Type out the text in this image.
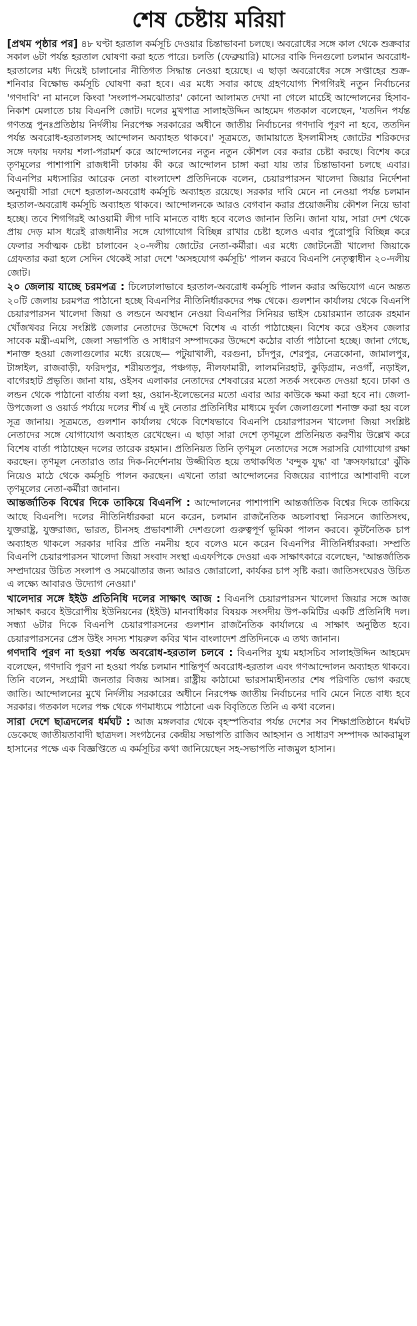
শেষ চেষ্টায় মরিয়া

[প্রথম পৃষ্ঠার পর] ৪৮ ঘণ্টা হরতাল কর্মসূচি দেওয়ার চিন্তাভাবনা চলছে। অবরোধের সঙ্গে কাল থেকে শুক্রবার সকাল ৬টা পর্যন্ত হরতাল ঘোষণা করা হতে পারে। চলতি (ফেব্রুয়ারি) মাসের বাকি দিনগুলো চলমান অবরোধ-হরতালের মধ্য দিয়েই চালানোর নীতিগত সিদ্ধান্ত নেওয়া হয়েছে। এ ছাড়া অবরোধের সঙ্গে সপ্তাহের শুক্র-শনিবার বিক্ষোভ কর্মসূচি ঘোষণা করা হবে। এর মধ্যে সবার কাছে গ্রহণযোগ্য শিগগিরই নতুন নির্বাচনের 'গণদাবি' না মানলে কিংবা 'সংলাপ-সমঝোতার' কোনো আলামত দেখা না গেলে মার্চেই আন্দোলনের হিসাব-নিকাশ মেলাতে চায় বিএনপি জোট। দলের মুখপাত্র সালাহউদ্দিন আহমেদ গতকাল বলেছেন, 'যতদিন পর্যন্ত গণতন্ত্র পুনঃপ্রতিষ্ঠায় নির্দলীয় নিরপেক্ষ সরকারের অধীনে জাতীয় নির্বাচনের গণদাবি পূরণ না হবে, ততদিন পর্যন্ত অবরোধ-হরতালসহ আন্দোলন অব্যাহত থাকবে।' সূত্রমতে, জামায়াতে ইসলামীসহ জোটের শরিকদের সঙ্গে দফায় দফায় শলা-পরামর্শ করে আন্দোলনের নতুন নতুন কৌশল বের করার চেষ্টা করছে। বিশেষ করে তৃণমূলের পাশাপাশি রাজধানী ঢাকায় কী করে আন্দোলন চাঙ্গা করা যায় তার চিন্তাভাবনা চলছে এবার। বিএনপির মধ্যসারির আরেক নেতা বাংলাদেশ প্রতিদিনকে বলেন, চেয়ারপারসন খালেদা জিয়ার নির্দেশনা অনুযায়ী সারা দেশে হরতাল-অবরোধ কর্মসূচি অব্যাহত রয়েছে। সরকার দাবি মেনে না নেওয়া পর্যন্ত চলমান হরতাল-অবরোধ কর্মসূচি অব্যাহত থাকবে। আন্দোলনকে আরও বেগবান করার প্রয়োজনীয় কৌশল নিয়ে ভাবা হচ্ছে। তবে শিগগিরই আওয়ামী লীগ দাবি মানতে বাধ্য হবে বলেও জানান তিনি। জানা যায়, সারা দেশ থেকে প্রায় দেড় মাস ধরেই রাজধানীর সঙ্গে যোগাযোগ বিচ্ছিন্ন রাখার চেষ্টা হলেও এবার পুরোপুরি বিচ্ছিন্ন করে ফেলার সর্বাত্মক চেষ্টা চালাবেন ২০-দলীয় জোটের নেতা-কর্মীরা। এর মধ্যে জোটনেত্রী খালেদা জিয়াকে গ্রেফতার করা হলে সেদিন থেকেই সারা দেশে 'অসহযোগ কর্মসূচি' পালন করবে বিএনপি নেতৃত্বাধীন ২০-দলীয় জোট।

২০ জেলায় যাচ্ছে চরমপত্র : ঢিলেঢালাভাবে হরতাল-অবরোধ কর্মসূচি পালন করার অভিযোগ এনে অন্তত ২০টি জেলায় চরমপত্র পাঠানো হচ্ছে বিএনপির নীতিনির্ধারকদের পক্ষ থেকে। গুলশান কার্যালয় থেকে বিএনপি চেয়ারপারসন খালেদা জিয়া ও লন্ডনে অবস্থান নেওয়া বিএনপির সিনিয়র ভাইস চেয়ারম্যান তারেক রহমান খোঁজখবর নিয়ে সংশ্লিষ্ট জেলার নেতাদের উদ্দেশে বিশেষ এ বার্তা পাঠাচ্ছেন। বিশেষ করে ওইসব জেলার সাবেক মন্ত্রী-এমপি, জেলা সভাপতি ও সাধারণ সম্পাদকের উদ্দেশে কঠোর বার্তা পাঠানো হচ্ছে। জানা গেছে, শনাক্ত হওয়া জেলাগুলোর মধ্যে রয়েছে— পটুয়াখালী, বরগুনা, চাঁদপুর, শেরপুর, নেত্রকোনা, জামালপুর, টাঙ্গাইল, রাজবাড়ী, ফরিদপুর, শরীয়তপুর, পঞ্চগড়, নীলফামারী, লালমনিরহাট, কুড়িগ্রাম, নওগাঁ, নড়াইল, বাগেরহাট প্রভৃতি। জানা যায়, ওইসব এলাকার নেতাদের শেষবারের মতো সতর্ক সংকেত দেওয়া হবে। ঢাকা ও লন্ডন থেকে পাঠানো বার্তায় বলা হয়, ওয়ান-ইলেভেনের মতো এবার আর কাউকে ক্ষমা করা হবে না। জেলা-উপজেলা ও ওয়ার্ড পর্যায়ে দলের শীর্ষ এ দুই নেতার প্রতিনিধির মাধ্যমে দুর্বল জেলাগুলো শনাক্ত করা হয় বলে সূত্র জানায়। সূত্রমতে, গুলশান কার্যালয় থেকে বিশেষভাবে বিএনপি চেয়ারপারসন খালেদা জিয়া সংশ্লিষ্ট নেতাদের সঙ্গে যোগাযোগ অব্যাহত রেখেছেন। এ ছাড়া সারা দেশে তৃণমূলে প্রতিনিয়ত করণীয় উল্লেখ করে বিশেষ বার্তা পাঠাচ্ছেন দলের তারেক রহমান। প্রতিনিয়ত তিনি তৃণমূল নেতাদের সঙ্গে সরাসরি যোগাযোগ রক্ষা করছেন। তৃণমূল নেতারাও তার দিক-নির্দেশনায় উজ্জীবিত হয়ে তথাকথিত 'বন্দুক যুদ্ধ' বা 'ক্রসফায়ারে' ঝুঁকি নিয়েও মাঠে থেকে কর্মসূচি পালন করছেন। এখনো তারা আন্দোলনের বিজয়ের ব্যাপারে আশাবাদী বলে তৃণমূলের নেতা-কর্মীরা জানান।

আন্তর্জাতিক বিশ্বের দিকে তাকিয়ে বিএনপি : আন্দোলনের পাশাপাশি আন্তর্জাতিক বিশ্বের দিকে তাকিয়ে আছে বিএনপি। দলের নীতিনির্ধারকরা মনে করেন, চলমান রাজনৈতিক অচলাবস্থা নিরসনে জাতিসংঘ, যুক্তরাষ্ট্র, যুক্তরাজ্য, ভারত, চীনসহ প্রভাবশালী দেশগুলো গুরুত্বপূর্ণ ভূমিকা পালন করবে। কূটনৈতিক চাপ অব্যাহত থাকলে সরকার দাবির প্রতি নমনীয় হবে বলেও মনে করেন বিএনপির নীতিনির্ধারকরা। সম্প্রতি বিএনপি চেয়ারপারসন খালেদা জিয়া সংবাদ সংস্থা এএফপিকে দেওয়া এক সাক্ষাৎকারে বলেছেন, 'আন্তর্জাতিক সম্প্রদায়ের উচিত সংলাপ ও সমঝোতার জন্য আরও জোরালো, কার্যকর চাপ সৃষ্টি করা। জাতিসংঘেরও উচিত এ লক্ষ্যে আবারও উদ্যোগ নেওয়া।'

খালেদার সঙ্গে ইইউ প্রতিনিধি দলের সাক্ষাৎ আজ : বিএনপি চেয়ারপারসন খালেদা জিয়ার সঙ্গে আজ সাক্ষাৎ করবে ইউরোপীয় ইউনিয়নের (ইইউ) মানবাধিকার বিষয়ক সংসদীয় উপ-কমিটির একটি প্রতিনিধি দল। সন্ধ্যা ৬টার দিকে বিএনপি চেয়ারপারসনের গুলশান রাজনৈতিক কার্যালয়ে এ সাক্ষাৎ অনুষ্ঠিত হবে। চেয়ারপারসনের প্রেস উইং সদস্য শায়রুল কবির খান বাংলাদেশ প্রতিদিনকে এ তথ্য জানান।

গণদাবি পূরণ না হওয়া পর্যন্ত অবরোধ-হরতাল চলবে : বিএনপির যুগ্ম মহাসচিব সালাহউদ্দিন আহমেদ বলেছেন, গণদাবি পূরণ না হওয়া পর্যন্ত চলমান শান্তিপূর্ণ অবরোধ-হরতাল এবং গণআন্দোলন অব্যাহত থাকবে। তিনি বলেন, সংগ্রামী জনতার বিজয় আসন্ন। রাষ্ট্রীয় কাঠামো ভারসাম্যহীনতার শেষ পরিণতি ভোগ করছে জাতি। আন্দোলনের মুখে নির্দলীয় সরকারের অধীনে নিরপেক্ষ জাতীয় নির্বাচনের দাবি মেনে নিতে বাধ্য হবে সরকার। গতকাল দলের পক্ষ থেকে গণমাধ্যমে পাঠানো এক বিবৃতিতে তিনি এ কথা বলেন।

সারা দেশে ছাত্রদলের ধর্মঘট : আজ মঙ্গলবার থেকে বৃহস্পতিবার পর্যন্ত দেশের সব শিক্ষাপ্রতিষ্ঠানে ধর্মঘট ডেকেছে জাতীয়তাবাদী ছাত্রদল। সংগঠনের কেন্দ্রীয় সভাপতি রাজিব আহসান ও সাধারণ সম্পাদক আকরামুল হাসানের পক্ষে এক বিজ্ঞপ্তিতে এ কর্মসূচির কথা জানিয়েছেন সহ-সভাপতি নাজমুল হাসান।
